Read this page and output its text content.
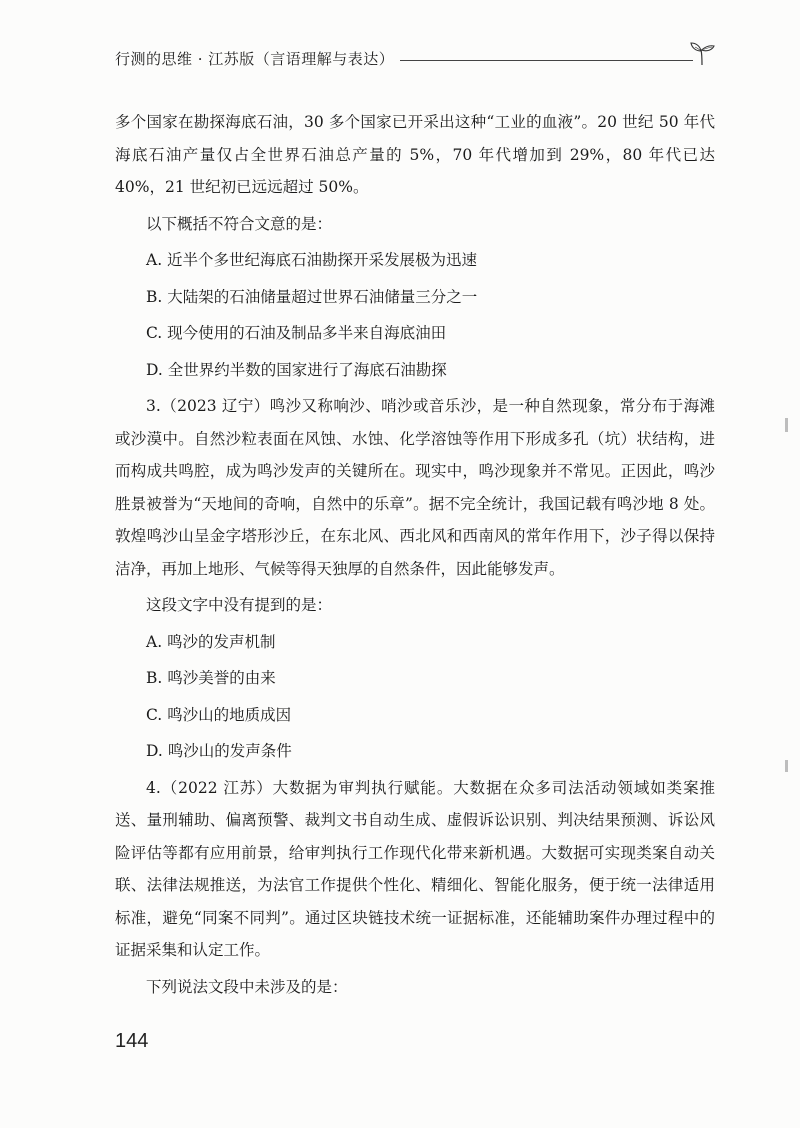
行测的思维 · 江苏版（言语理解与表达）

多个国家在勘探海底石油，30 多个国家已开采出这种“工业的血液”。20 世纪 50 年代海底石油产量仅占全世界石油总产量的 5%，70 年代增加到 29%，80 年代已达 40%，21 世纪初已远远超过 50%。

以下概括不符合文意的是：

A. 近半个多世纪海底石油勘探开采发展极为迅速

B. 大陆架的石油储量超过世界石油储量三分之一

C. 现今使用的石油及制品多半来自海底油田

D. 全世界约半数的国家进行了海底石油勘探

3.（2023 辽宁）鸣沙又称响沙、哨沙或音乐沙，是一种自然现象，常分布于海滩或沙漠中。自然沙粒表面在风蚀、水蚀、化学溶蚀等作用下形成多孔（坑）状结构，进而构成共鸣腔，成为鸣沙发声的关键所在。现实中，鸣沙现象并不常见。正因此，鸣沙胜景被誉为“天地间的奇响，自然中的乐章”。据不完全统计，我国记载有鸣沙地 8 处。敦煌鸣沙山呈金字塔形沙丘，在东北风、西北风和西南风的常年作用下，沙子得以保持洁净，再加上地形、气候等得天独厚的自然条件，因此能够发声。

这段文字中没有提到的是：

A. 鸣沙的发声机制

B. 鸣沙美誉的由来

C. 鸣沙山的地质成因

D. 鸣沙山的发声条件

4.（2022 江苏）大数据为审判执行赋能。大数据在众多司法活动领域如类案推送、量刑辅助、偏离预警、裁判文书自动生成、虚假诉讼识别、判决结果预测、诉讼风险评估等都有应用前景，给审判执行工作现代化带来新机遇。大数据可实现类案自动关联、法律法规推送，为法官工作提供个性化、精细化、智能化服务，便于统一法律适用标准，避免“同案不同判”。通过区块链技术统一证据标准，还能辅助案件办理过程中的证据采集和认定工作。

下列说法文段中未涉及的是：

144
